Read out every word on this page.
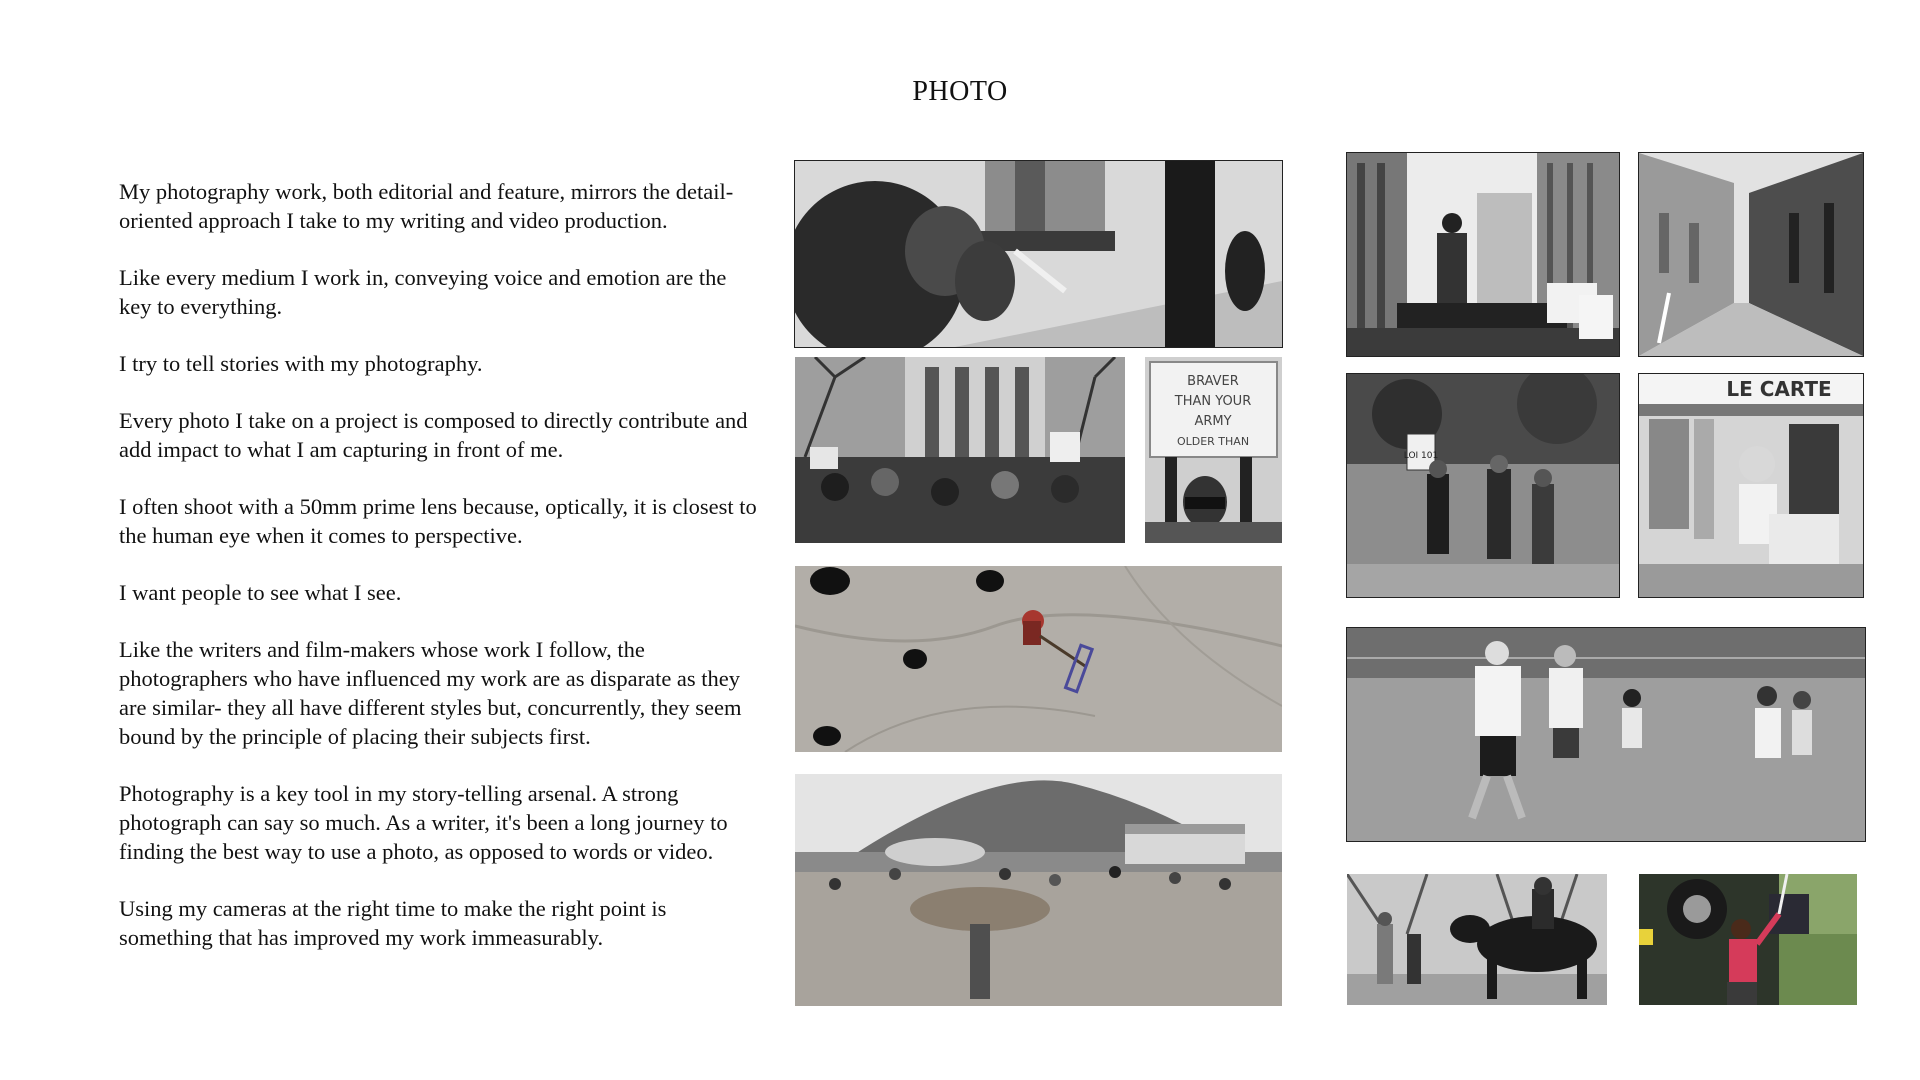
PHOTO

My photography work, both editorial and feature, mirrors the detail-oriented approach I take to my writing and video production.

Like every medium I work in, conveying voice and emotion are the key to everything.

I try to tell stories with my photography.

Every photo I take on a project is composed to directly contribute and add impact to what I am capturing in front of me.

I often shoot with a 50mm prime lens because, optically, it is closest to the human eye when it comes to perspective.

I want people to see what I see.

Like the writers and film-makers whose work I follow, the photographers who have influenced my work are as disparate as they are similar- they all have different styles but, concurrently, they seem bound by the principle of placing their subjects first.

Photography is a key tool in my story-telling arsenal. A strong photograph can say so much. As a writer, it's been a long journey to finding the best way to use a photo, as opposed to words or video.

Using my cameras at the right time to make the right point is something that has improved my work immeasurably.

BRAVER
THAN YOUR
ARMY
OLDER THAN
LOI 101
LE CARTE
